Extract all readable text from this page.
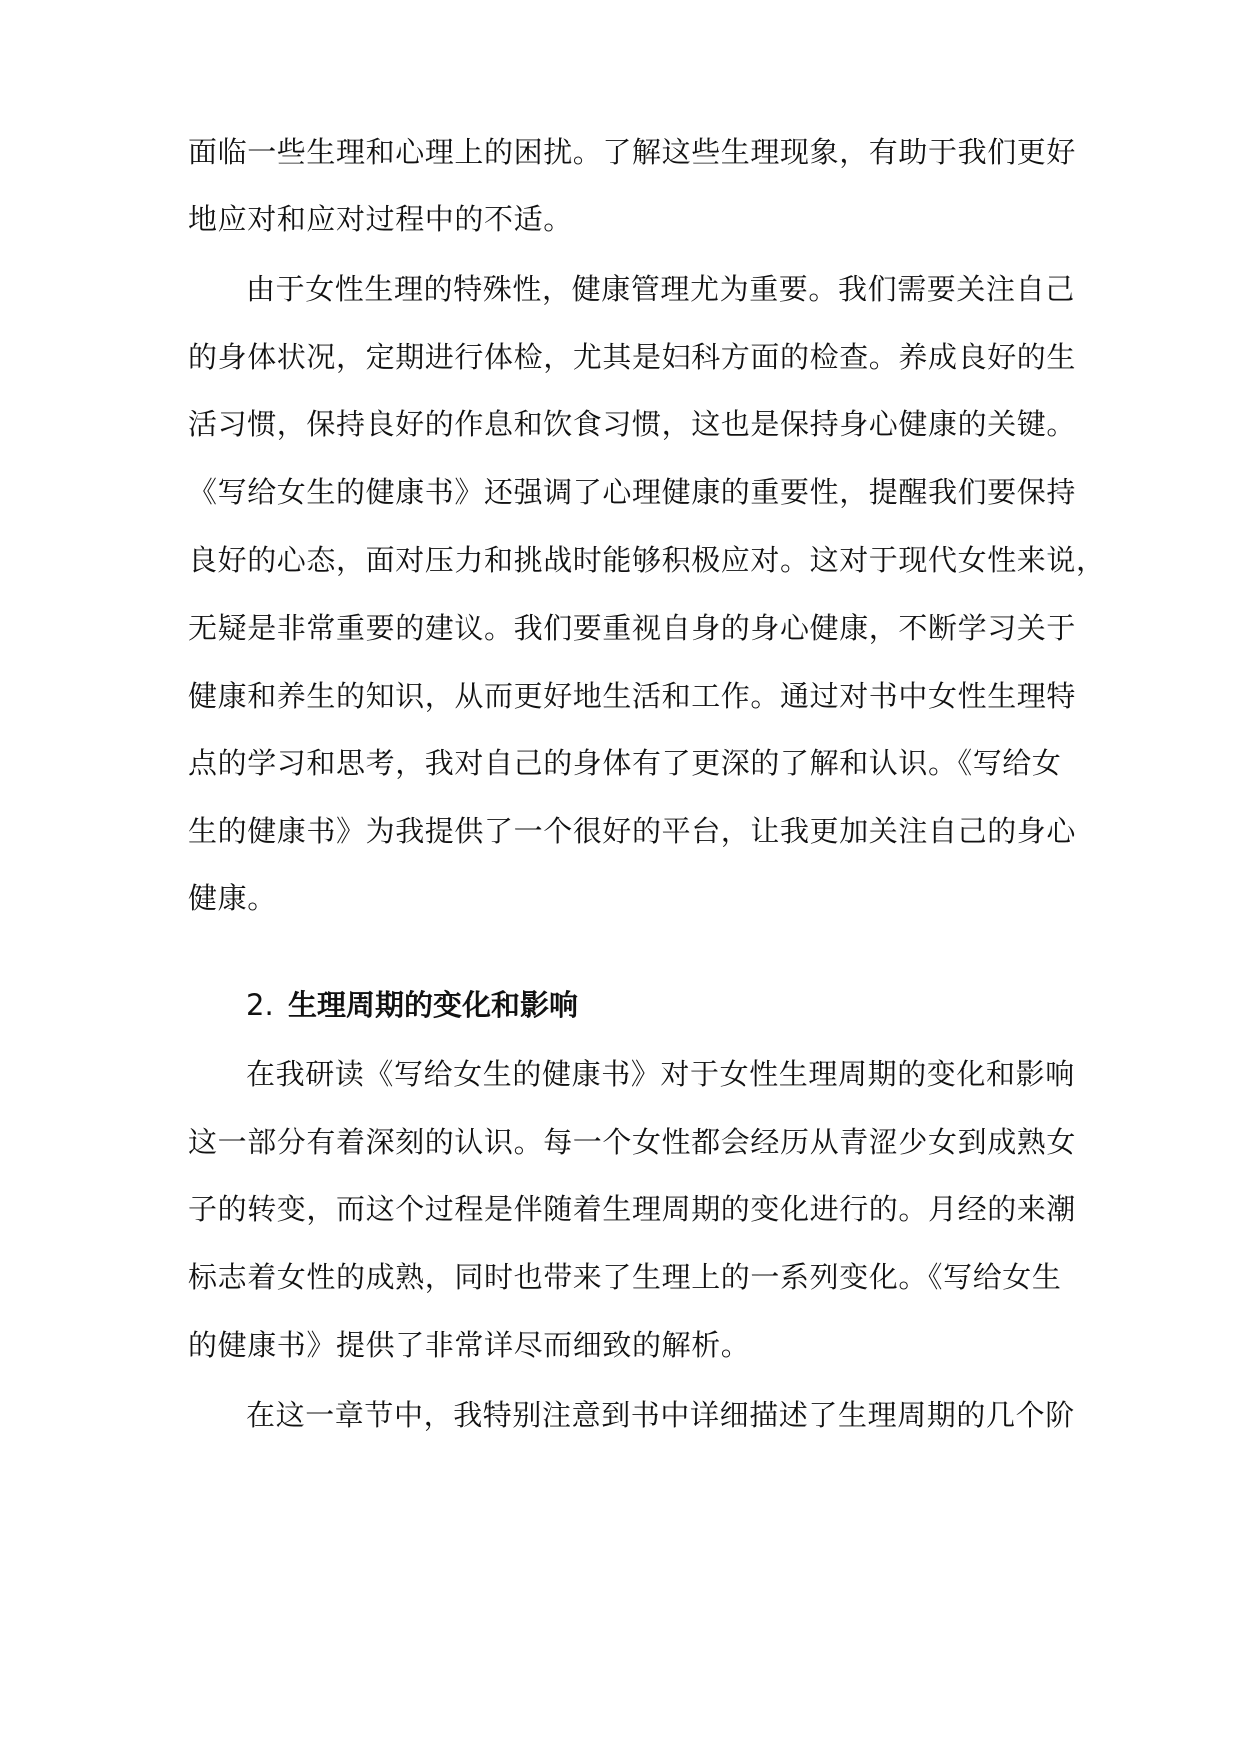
面临一些生理和心理上的困扰。了解这些生理现象，有助于我们更好

地应对和应对过程中的不适。

由于女性生理的特殊性，健康管理尤为重要。我们需要关注自己

的身体状况，定期进行体检，尤其是妇科方面的检查。养成良好的生

活习惯，保持良好的作息和饮食习惯，这也是保持身心健康的关键。

《写给女生的健康书》还强调了心理健康的重要性，提醒我们要保持

良好的心态，面对压力和挑战时能够积极应对。这对于现代女性来说，

无疑是非常重要的建议。我们要重视自身的身心健康，不断学习关于

健康和养生的知识，从而更好地生活和工作。通过对书中女性生理特

点的学习和思考，我对自己的身体有了更深的了解和认识。《写给女

生的健康书》为我提供了一个很好的平台，让我更加关注自己的身心

健康。

2. 生理周期的变化和影响

在我研读《写给女生的健康书》对于女性生理周期的变化和影响

这一部分有着深刻的认识。每一个女性都会经历从青涩少女到成熟女

子的转变，而这个过程是伴随着生理周期的变化进行的。月经的来潮

标志着女性的成熟，同时也带来了生理上的一系列变化。《写给女生

的健康书》提供了非常详尽而细致的解析。

在这一章节中，我特别注意到书中详细描述了生理周期的几个阶
